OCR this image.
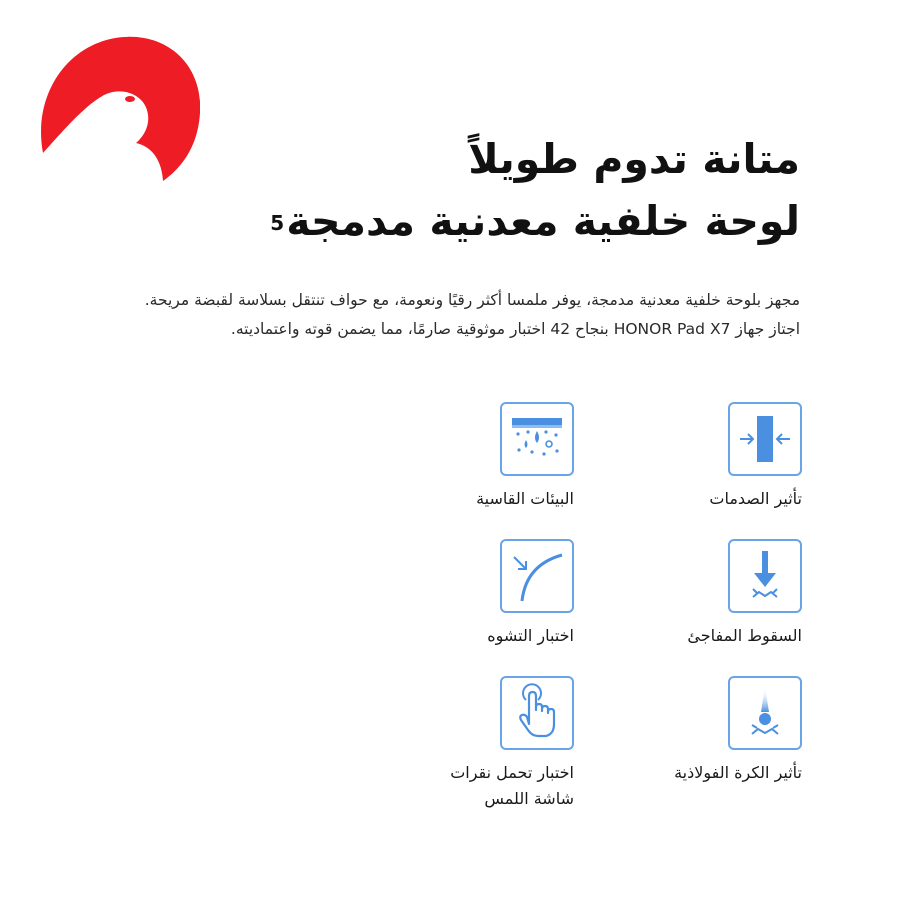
متانة تدوم طويلاً
لوحة خلفية معدنية مدمجة$^5$
مجهز بلوحة خلفية معدنية مدمجة، يوفر ملمسا أكثر رقيًا ونعومة، مع حواف تنتقل بسلاسة لقبضة مريحة.
اجتاز جهاز HONOR Pad X7 بنجاح 42 اختبار موثوقية صارمًا، مما يضمن قوته واعتماديته.
تأثير الصدمات
البيئات القاسية
السقوط المفاجئ
اختبار التشوه
تأثير الكرة الفولاذية
اختبار تحمل نقرات
شاشة اللمس
